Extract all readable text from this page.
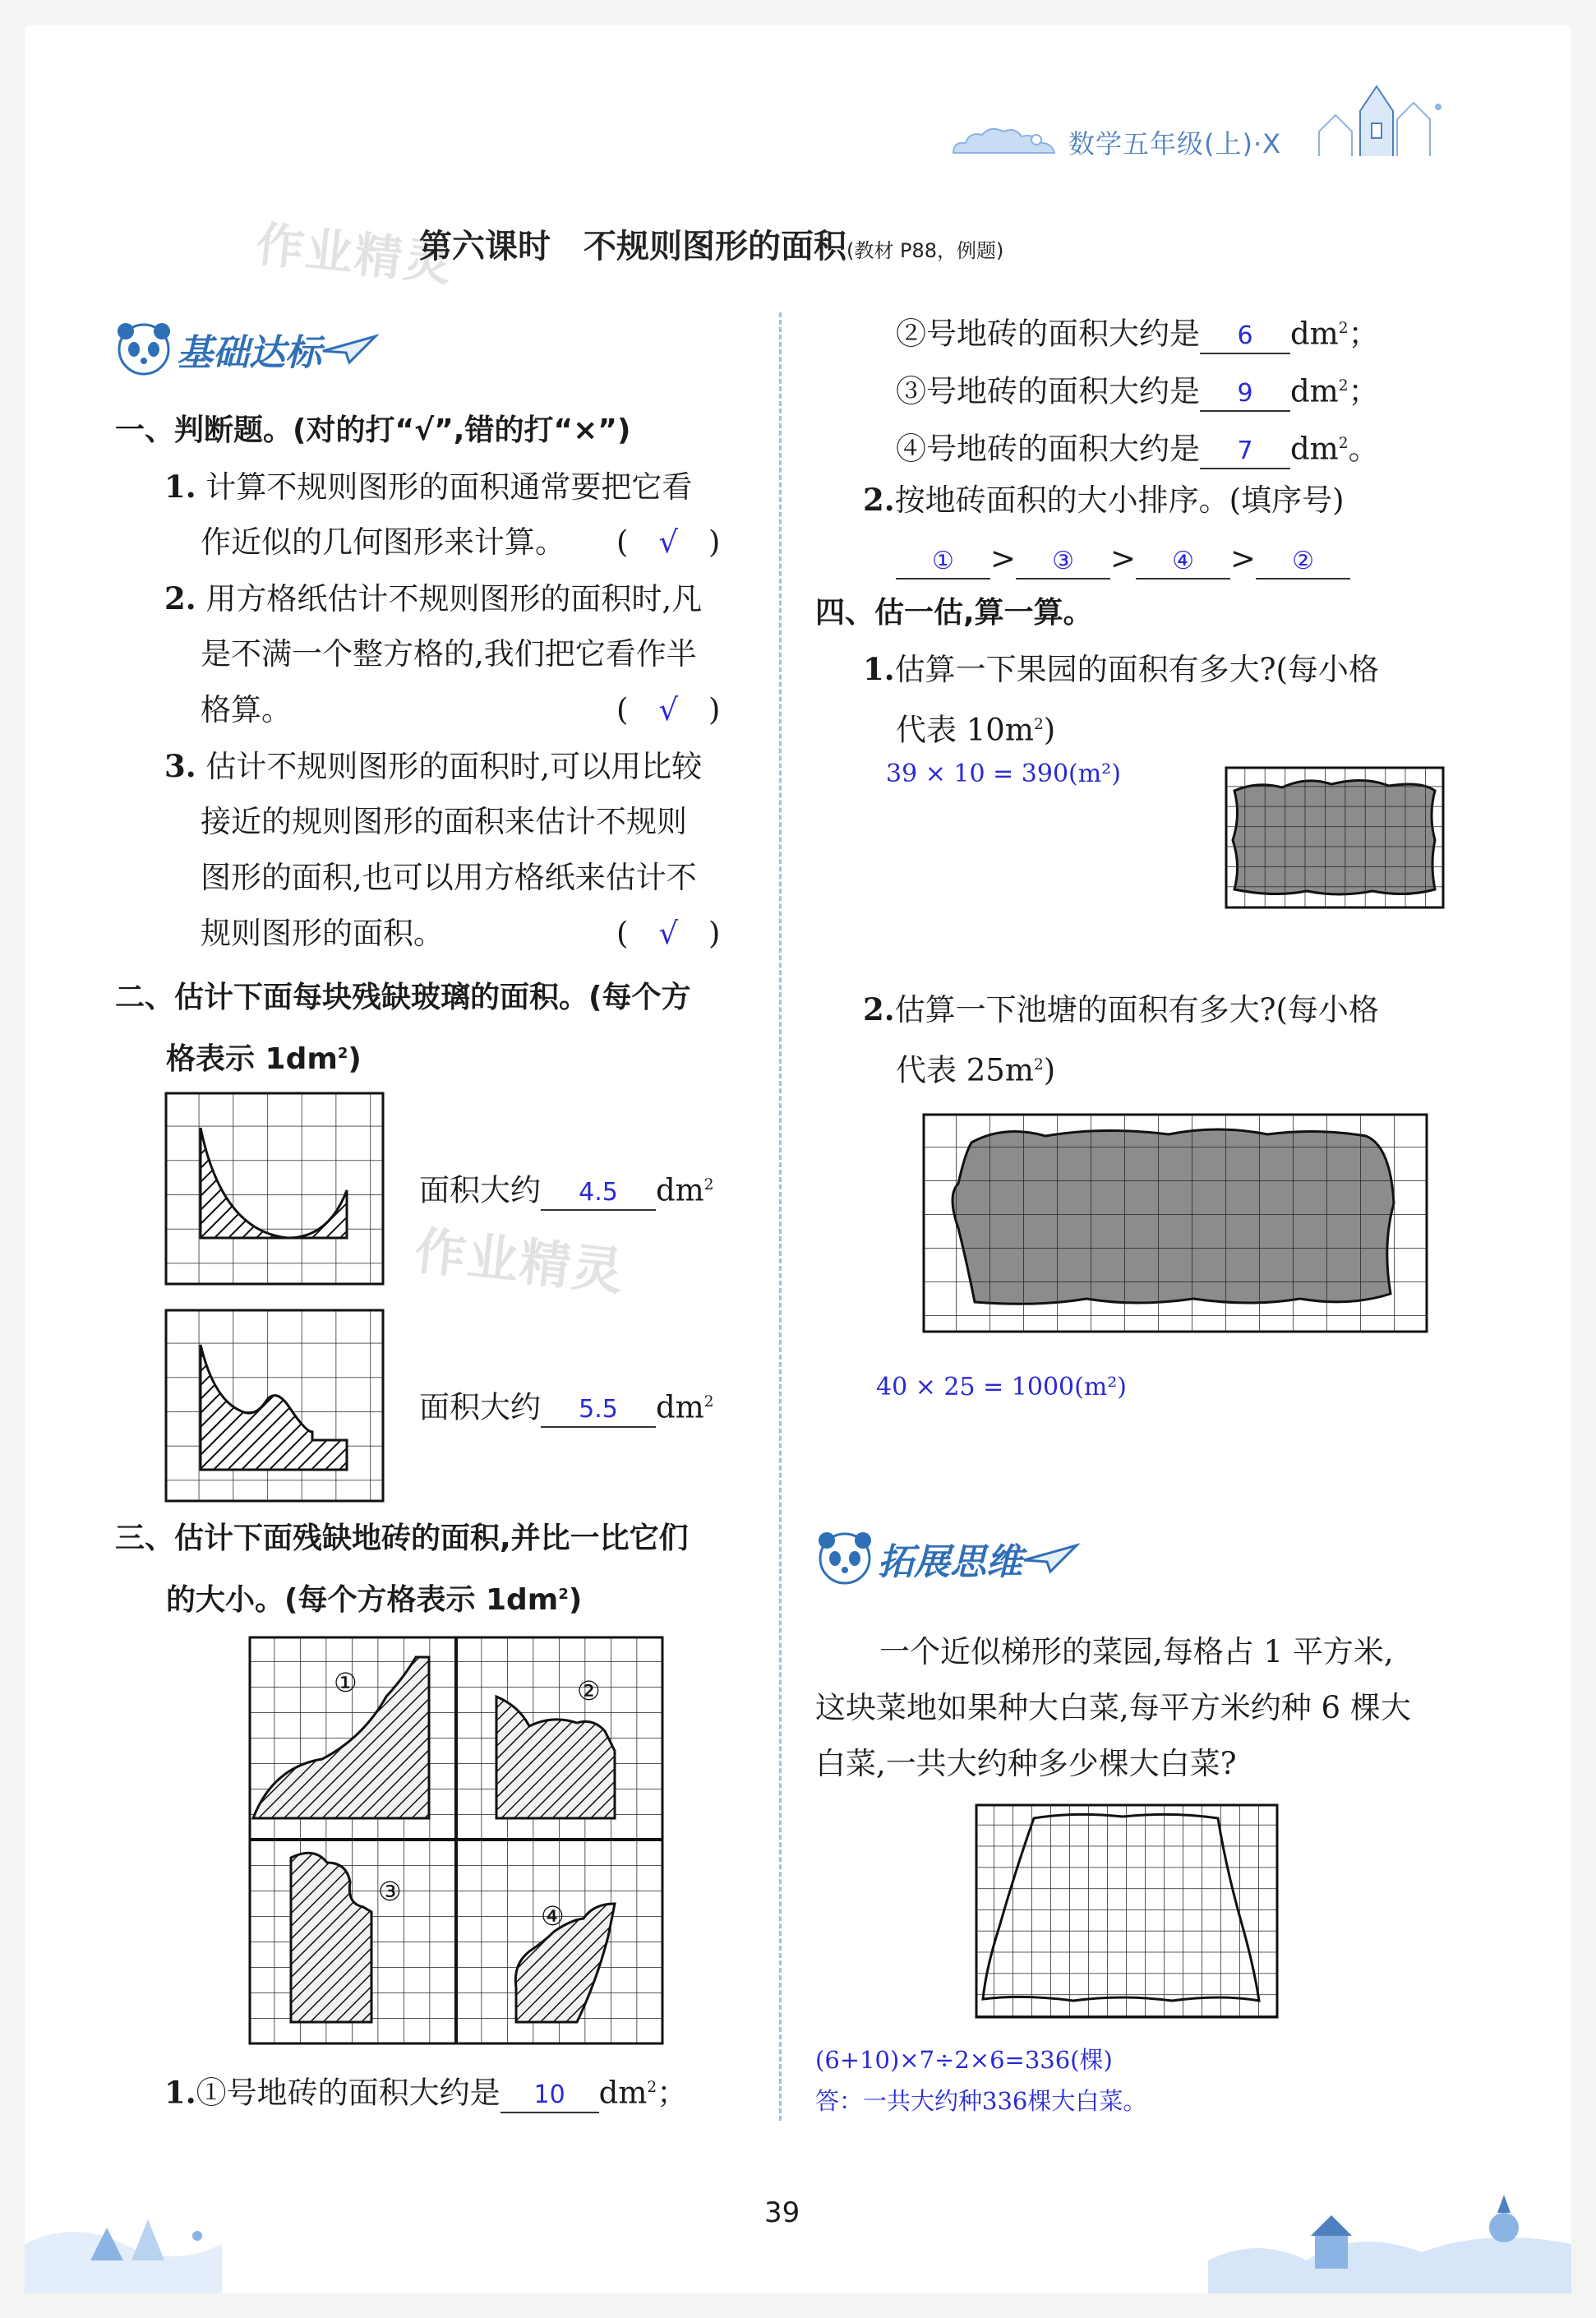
数学五年级(上)·X
作业精灵
作业精灵
第六课时　不规则图形的面积(教材 P88，例题)
基础达标
一、判断题。(对的打“√”,错的打“×”)
1. 计算不规则图形的面积通常要把它看
作近似的几何图形来计算。 (　 √　 )
2. 用方格纸估计不规则图形的面积时,凡
是不满一个整方格的,我们把它看作半
格算。	(　 √　 )
3. 估计不规则图形的面积时,可以用比较
接近的规则图形的面积来估计不规则
图形的面积,也可以用方格纸来估计不
规则图形的面积。	(　 √　 )
二、估计下面每块残缺玻璃的面积。(每个方
格表示 $1dm^2$)
面积大约 4.5 $dm^2$
面积大约 5.5 $dm^2$
三、估计下面残缺地砖的面积,并比一比它们
的大小。(每个方格表示 $1dm^2$)
①	②
③
④
1.①号地砖的面积大约是 10 $dm^2$；
②号地砖的面积大约是 6 $dm^2$；
③号地砖的面积大约是 9 $dm^2$；
④号地砖的面积大约是 7 $dm^2$。
2.按地砖面积的大小排序。(填序号)
① > ③ > ④ > ②
四、估一估,算一算。
1.估算一下果园的面积有多大?(每小格
代表 $10m^2$)
39 × 10 = 390(m²)
2.估算一下池塘的面积有多大?(每小格
代表 $25m^2$)
40 × 25 = 1000(m²)
拓展思维
一个近似梯形的菜园,每格占 1 平方米,
这块菜地如果种大白菜,每平方米约种 6 棵大
白菜,一共大约种多少棵大白菜?
(6+10)×7÷2×6=336(棵)
答：一共大约种336棵大白菜。
39
